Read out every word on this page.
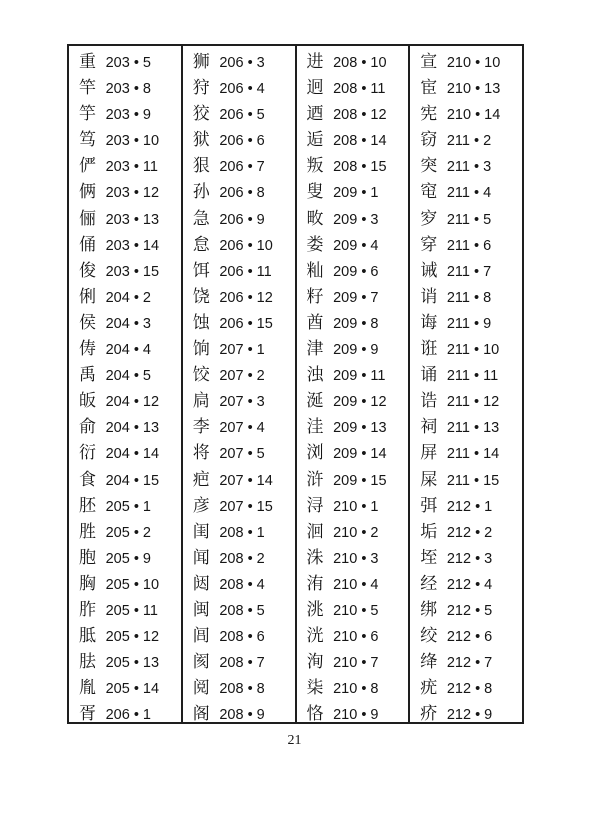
重 203 • 5
竿 203 • 8
竽 203 • 9
笃 203 • 10
俨 203 • 11
俩 203 • 12
俪 203 • 13
俑 203 • 14
俊 203 • 15
俐 204 • 2
侯 204 • 3
俦 204 • 4
禹 204 • 5
皈 204 • 12
俞 204 • 13
衍 204 • 14
食 204 • 15
胚 205 • 1
胜 205 • 2
胞 205 • 9
胸 205 • 10
胙 205 • 11
胝 205 • 12
胠 205 • 13
胤 205 • 14
胥 206 • 1
狮 206 • 3
狩 206 • 4
狡 206 • 5
狱 206 • 6
狠 206 • 7
孙 206 • 8
急 206 • 9
怠 206 • 10
饵 206 • 11
饶 206 • 12
蚀 206 • 15
饷 207 • 1
饺 207 • 2
扃 207 • 3
李 207 • 4
将 207 • 5
疤 207 • 14
彦 207 • 15
闺 208 • 1
闻 208 • 2
闼 208 • 4
闽 208 • 5
闾 208 • 6
阂 208 • 7
阅 208 • 8
阁 208 • 9
进 208 • 10
迥 208 • 11
迺 208 • 12
逅 208 • 14
叛 208 • 15
叟 209 • 1
畋 209 • 3
娄 209 • 4
籼 209 • 6
籽 209 • 7
酋 209 • 8
津 209 • 9
浊 209 • 11
涎 209 • 12
洼 209 • 13
浏 209 • 14
浒 209 • 15
浔 210 • 1
洄 210 • 2
洙 210 • 3
洧 210 • 4
洮 210 • 5
洸 210 • 6
洵 210 • 7
柒 210 • 8
恪 210 • 9
宣 210 • 10
宦 210 • 13
宪 210 • 14
窃 211 • 2
突 211 • 3
窀 211 • 4
穸 211 • 5
穿 211 • 6
诫 211 • 7
诮 211 • 8
诲 211 • 9
诳 211 • 10
诵 211 • 11
诰 211 • 12
祠 211 • 13
屏 211 • 14
屎 211 • 15
弭 212 • 1
垢 212 • 2
垤 212 • 3
经 212 • 4
绑 212 • 5
绞 212 • 6
绛 212 • 7
疣 212 • 8
疥 212 • 9
21
